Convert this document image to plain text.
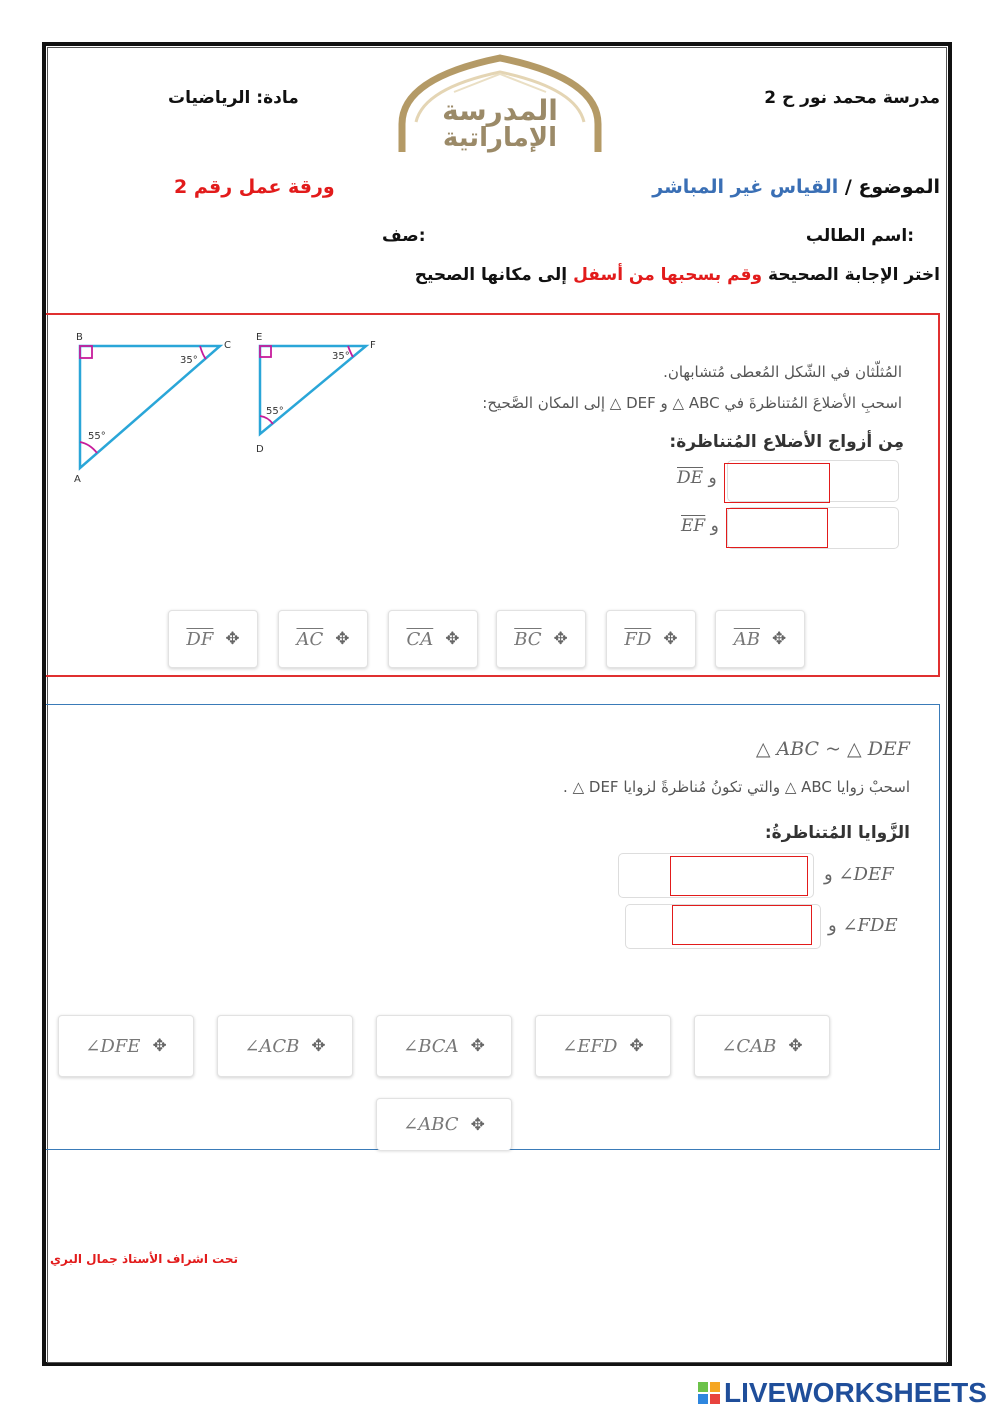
مدرسة محمد نور ح 2
مادة: الرياضيات	المدرسة
الإماراتية
الموضوع / القياس غير المباشر
ورقة عمل رقم 2
اسم الطالب:
صف:
اختر الإجابة الصحيحة وقم بسحبها من أسفل إلى مكانها الصحيح
B
C
A
35°
55°
E
F
D
35°
55°
المُثلّثان في الشّكل المُعطى مُتشابهان.
اسحبِ الأضلاعَ المُتناظرةَ في ABC △ و DEF △ إلى المكان الصَّحيح:
مِن أزواج الأضلاع المُتناظرة:
$\overline{DE}$ و
$\overline{EF}$ و
$\overline{DF}$ ✥	$\overline{AC}$ ✥	$\overline{CA}$ ✥	$\overline{BC}$ ✥	$\overline{FD}$ ✥	$\overline{AB}$ ✥
△ ABC ~ △ DEF
اسحبْ زوايا ABC △ والتي تكونُ مُناظرةً لزوايا DEF △ .
الزَّوايا المُتناظرةُ:
و ∠DEF
و ∠FDE
∠DFE ✥	∠ACB ✥	∠BCA ✥	∠EFD ✥	∠CAB ✥
∠ABC ✥
تحت اشراف الأستاذ جمال البري
LIVEWORKSHEETS
